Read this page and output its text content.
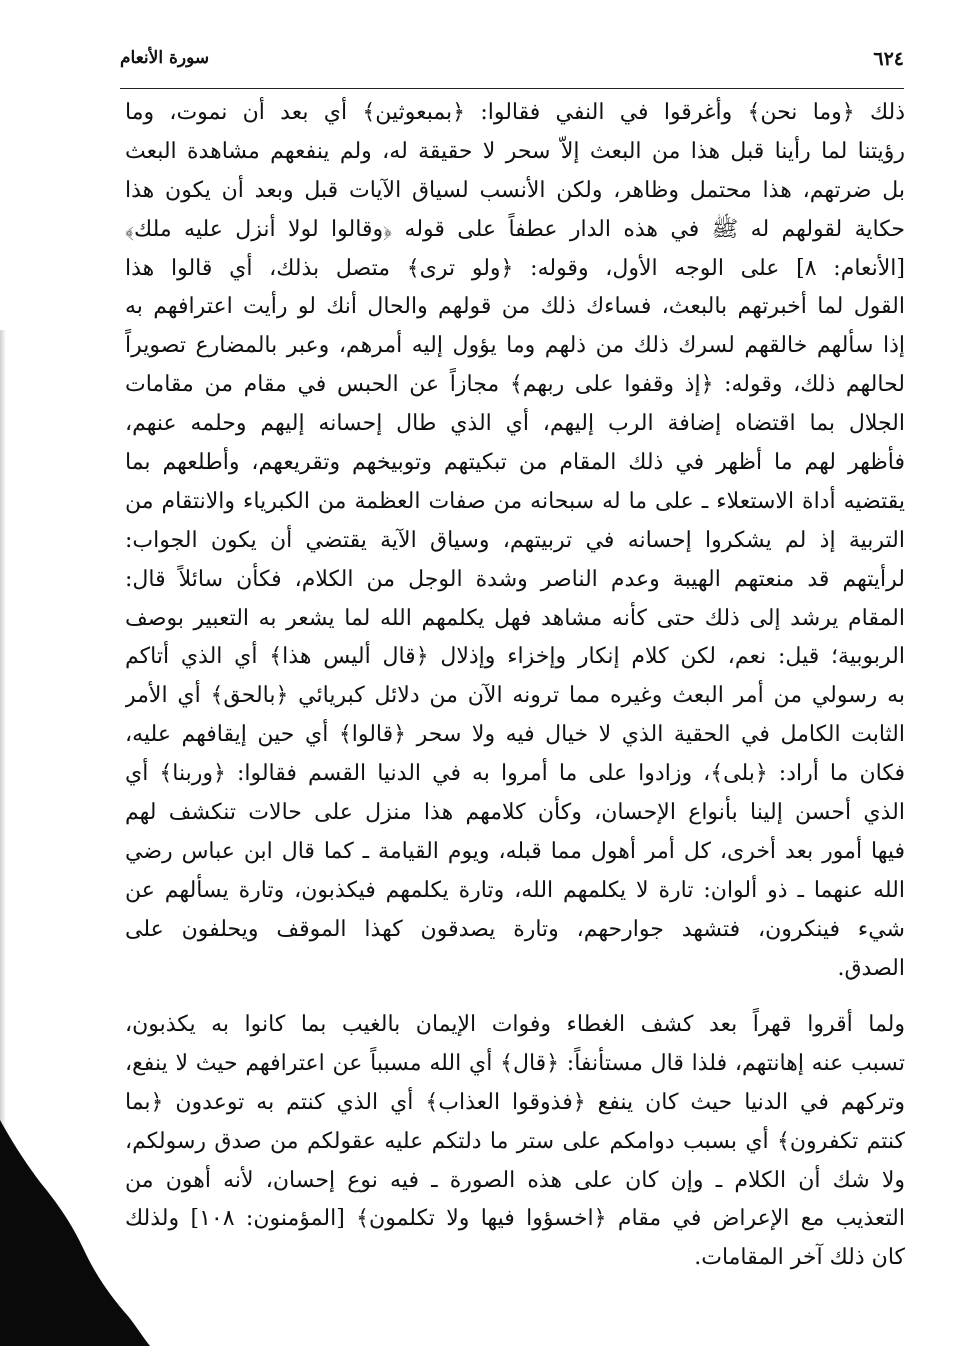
٦٢٤
سورة الأنعام
ذلك ﴿وما نحن﴾ وأغرقوا في النفي فقالوا: ﴿بمبعوثين﴾ أي بعد أن نموت، وما
رؤيتنا لما رأينا قبل هذا من البعث إلاّ سحر لا حقيقة له، ولم ينفعهم مشاهدة البعث
بل ضرتهم، هذا محتمل وظاهر، ولكن الأنسب لسياق الآيات قبل وبعد أن يكون هذا
حكاية لقولهم له ﷺ في هذه الدار عطفاً على قوله ﴿وقالوا لولا أنزل عليه ملك﴾
[الأنعام: ٨] على الوجه الأول، وقوله: ﴿ولو ترى﴾ متصل بذلك، أي قالوا هذا
القول لما أخبرتهم بالبعث، فساءك ذلك من قولهم والحال أنك لو رأيت اعترافهم به
إذا سألهم خالقهم لسرك ذلك من ذلهم وما يؤول إليه أمرهم، وعبر بالمضارع تصويراً
لحالهم ذلك، وقوله: ﴿إذ وقفوا على ربهم﴾ مجازاً عن الحبس في مقام من مقامات
الجلال بما اقتضاه إضافة الرب إليهم، أي الذي طال إحسانه إليهم وحلمه عنهم،
فأظهر لهم ما أظهر في ذلك المقام من تبكيتهم وتوبيخهم وتقريعهم، وأطلعهم بما
يقتضيه أداة الاستعلاء ـ على ما له سبحانه من صفات العظمة من الكبرياء والانتقام من
التربية إذ لم يشكروا إحسانه في تربيتهم، وسياق الآية يقتضي أن يكون الجواب:
لرأيتهم قد منعتهم الهيبة وعدم الناصر وشدة الوجل من الكلام، فكأن سائلاً قال:
المقام يرشد إلى ذلك حتى كأنه مشاهد فهل يكلمهم الله لما يشعر به التعبير بوصف
الربوبية؛ قيل: نعم، لكن كلام إنكار وإخزاء وإذلال ﴿قال أليس هذا﴾ أي الذي أتاكم
به رسولي من أمر البعث وغيره مما ترونه الآن من دلائل كبريائي ﴿بالحق﴾ أي الأمر
الثابت الكامل في الحقية الذي لا خيال فيه ولا سحر ﴿قالوا﴾ أي حين إيقافهم عليه،
فكان ما أراد: ﴿بلى﴾، وزادوا على ما أمروا به في الدنيا القسم فقالوا: ﴿وربنا﴾ أي
الذي أحسن إلينا بأنواع الإحسان، وكأن كلامهم هذا منزل على حالات تنكشف لهم
فيها أمور بعد أخرى، كل أمر أهول مما قبله، ويوم القيامة ـ كما قال ابن عباس رضي
الله عنهما ـ ذو ألوان: تارة لا يكلمهم الله، وتارة يكلمهم فيكذبون، وتارة يسألهم عن
شيء فينكرون، فتشهد جوارحهم، وتارة يصدقون كهذا الموقف ويحلفون على
الصدق.
ولما أقروا قهراً بعد كشف الغطاء وفوات الإيمان بالغيب بما كانوا به يكذبون،
تسبب عنه إهانتهم، فلذا قال مستأنفاً: ﴿قال﴾ أي الله مسبباً عن اعترافهم حيث لا ينفع،
وتركهم في الدنيا حيث كان ينفع ﴿فذوقوا العذاب﴾ أي الذي كنتم به توعدون ﴿بما
كنتم تكفرون﴾ أي بسبب دوامكم على ستر ما دلتكم عليه عقولكم من صدق رسولكم،
ولا شك أن الكلام ـ وإن كان على هذه الصورة ـ فيه نوع إحسان، لأنه أهون من
التعذيب مع الإعراض في مقام ﴿اخسؤوا فيها ولا تكلمون﴾ [المؤمنون: ١٠٨] ولذلك
كان ذلك آخر المقامات.
